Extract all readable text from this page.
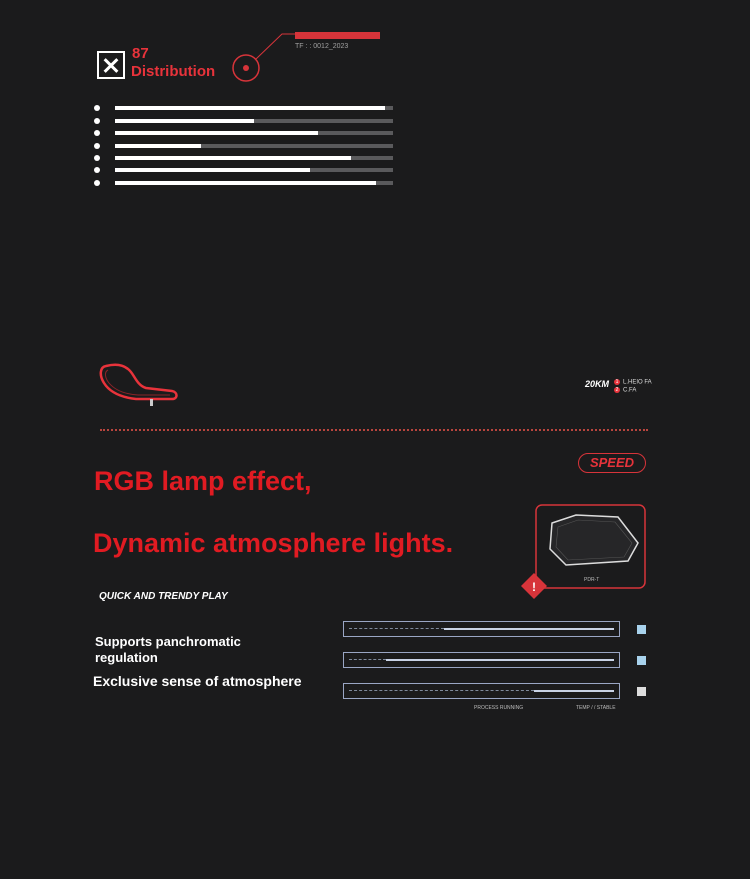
87
Distribution
TF : : 0012_2023
20KM	1 L.HEIO FA
2 C.FA
SPEED
RGB lamp effect,
Dynamic atmosphere lights.
!	PDR-T
QUICK AND TRENDY PLAY
Supports panchromatic
regulation
Exclusive sense of atmosphere
PROCESS RUNNING	TEMP / / STABLE
